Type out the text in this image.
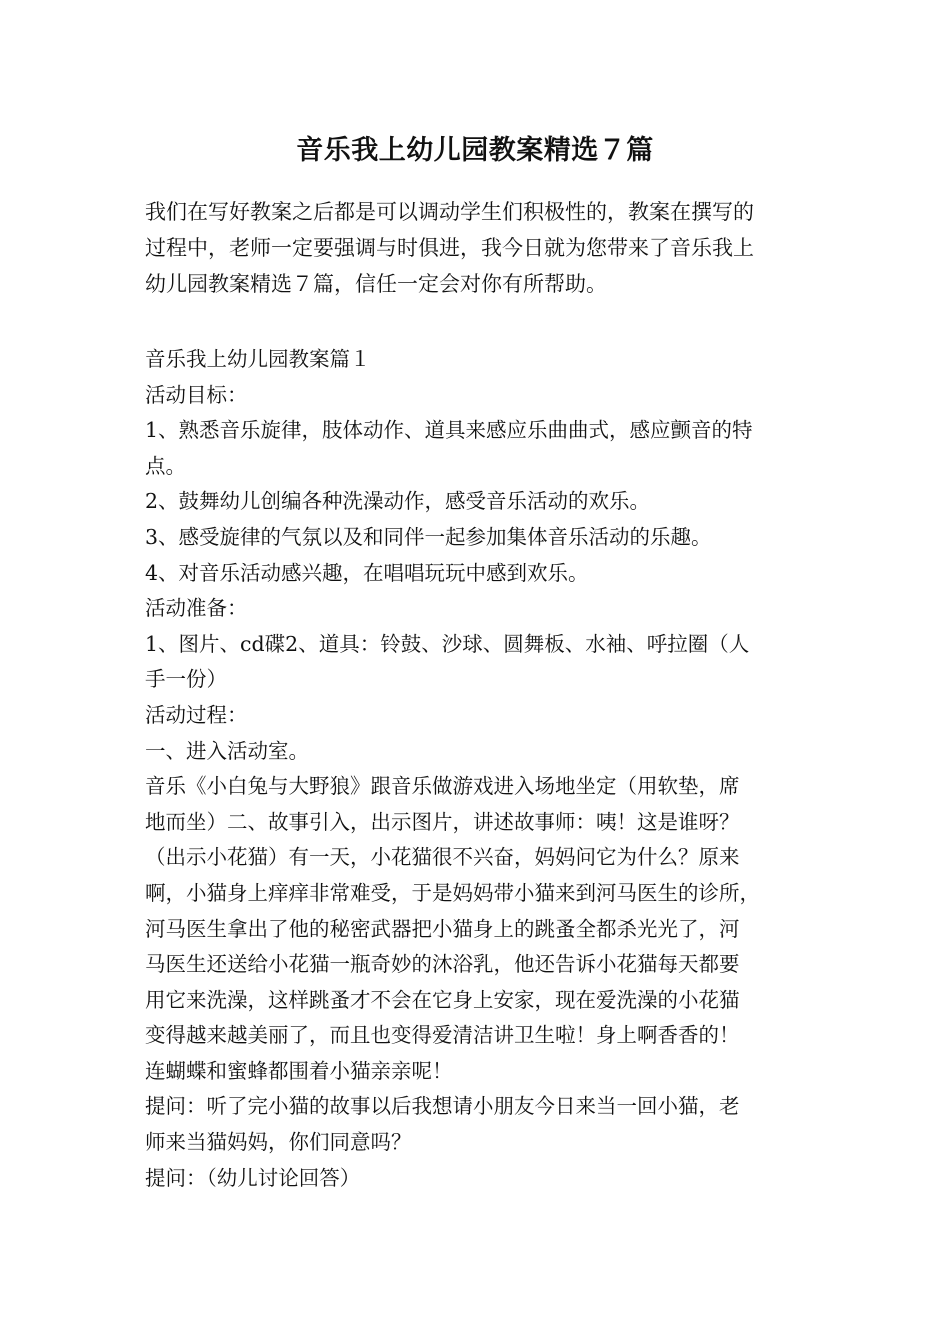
音乐我上幼儿园教案精选７篇

我们在写好教案之后都是可以调动学生们积极性的，教案在撰写的
过程中，老师一定要强调与时俱进，我今日就为您带来了音乐我上
幼儿园教案精选７篇，信任一定会对你有所帮助。

音乐我上幼儿园教案篇１
活动目标：
1、熟悉音乐旋律，肢体动作、道具来感应乐曲曲式，感应颤音的特
点。
2、鼓舞幼儿创编各种洗澡动作，感受音乐活动的欢乐。
3、感受旋律的气氛以及和同伴一起参加集体音乐活动的乐趣。
4、对音乐活动感兴趣，在唱唱玩玩中感到欢乐。
活动准备：
1、图片、cd碟2、道具：铃鼓、沙球、圆舞板、水袖、呼拉圈（人
手一份）
活动过程：
一、进入活动室。
音乐《小白兔与大野狼》跟音乐做游戏进入场地坐定（用软垫，席
地而坐）二、故事引入，出示图片，讲述故事师：咦！这是谁呀？
（出示小花猫）有一天，小花猫很不兴奋，妈妈问它为什么？原来
啊，小猫身上痒痒非常难受，于是妈妈带小猫来到河马医生的诊所，
河马医生拿出了他的秘密武器把小猫身上的跳蚤全都杀光光了，河
马医生还送给小花猫一瓶奇妙的沐浴乳，他还告诉小花猫每天都要
用它来洗澡，这样跳蚤才不会在它身上安家，现在爱洗澡的小花猫
变得越来越美丽了，而且也变得爱清洁讲卫生啦！身上啊香香的！
连蝴蝶和蜜蜂都围着小猫亲亲呢！
提问：听了完小猫的故事以后我想请小朋友今日来当一回小猫，老
师来当猫妈妈，你们同意吗？
提问：（幼儿讨论回答）
